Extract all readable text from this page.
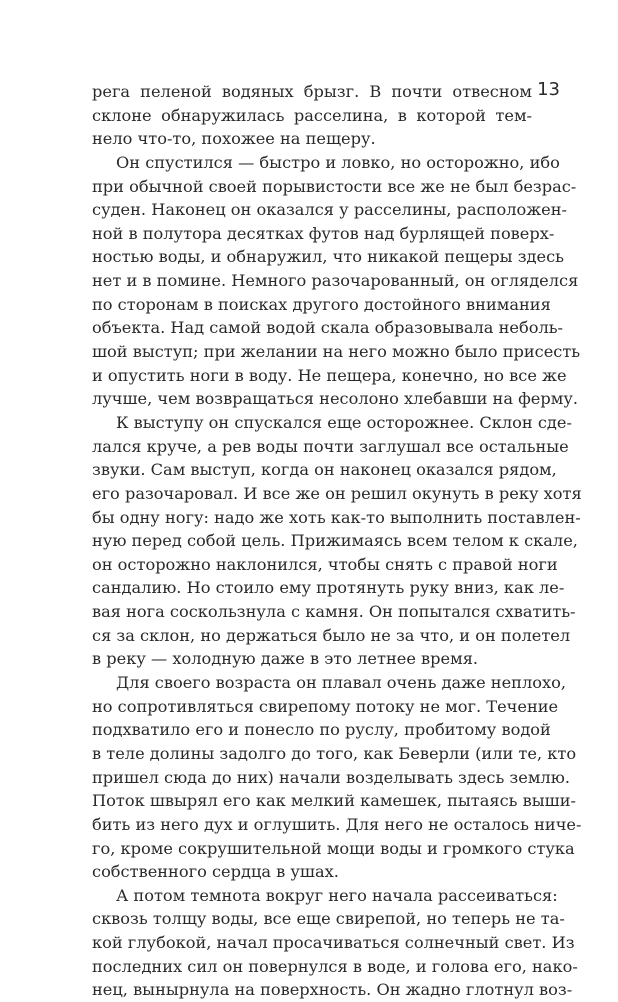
13
рега пеленой водяных брызг. В почти отвесном
склоне обнаружилась расселина, в которой тем-
нело что-то, похожее на пещеру.
Он спустился — быстро и ловко, но осторожно, ибо
при обычной своей порывистости все же не был безрас-
суден. Наконец он оказался у расселины, расположен-
ной в полутора десятках футов над бурлящей поверх-
ностью воды, и обнаружил, что никакой пещеры здесь
нет и в помине. Немного разочарованный, он огляделся
по сторонам в поисках другого достойного внимания
объекта. Над самой водой скала образовывала неболь-
шой выступ; при желании на него можно было присесть
и опустить ноги в воду. Не пещера, конечно, но все же
лучше, чем возвращаться несолоно хлебавши на ферму.
К выступу он спускался еще осторожнее. Склон сде-
лался круче, а рев воды почти заглушал все остальные
звуки. Сам выступ, когда он наконец оказался рядом,
его разочаровал. И все же он решил окунуть в реку хотя
бы одну ногу: надо же хоть как-то выполнить поставлен-
ную перед собой цель. Прижимаясь всем телом к скале,
он осторожно наклонился, чтобы снять с правой ноги
сандалию. Но стоило ему протянуть руку вниз, как ле-
вая нога соскользнула с камня. Он попытался схватить-
ся за склон, но держаться было не за что, и он полетел
в реку — холодную даже в это летнее время.
Для своего возраста он плавал очень даже неплохо,
но сопротивляться свирепому потоку не мог. Течение
подхватило его и понесло по руслу, пробитому водой
в теле долины задолго до того, как Беверли (или те, кто
пришел сюда до них) начали возделывать здесь землю.
Поток швырял его как мелкий камешек, пытаясь выши-
бить из него дух и оглушить. Для него не осталось ниче-
го, кроме сокрушительной мощи воды и громкого стука
собственного сердца в ушах.
А потом темнота вокруг него начала рассеиваться:
сквозь толщу воды, все еще свирепой, но теперь не та-
кой глубокой, начал просачиваться солнечный свет. Из
последних сил он повернулся в воде, и голова его, нако-
нец, вынырнула на поверхность. Он жадно глотнул воз-
